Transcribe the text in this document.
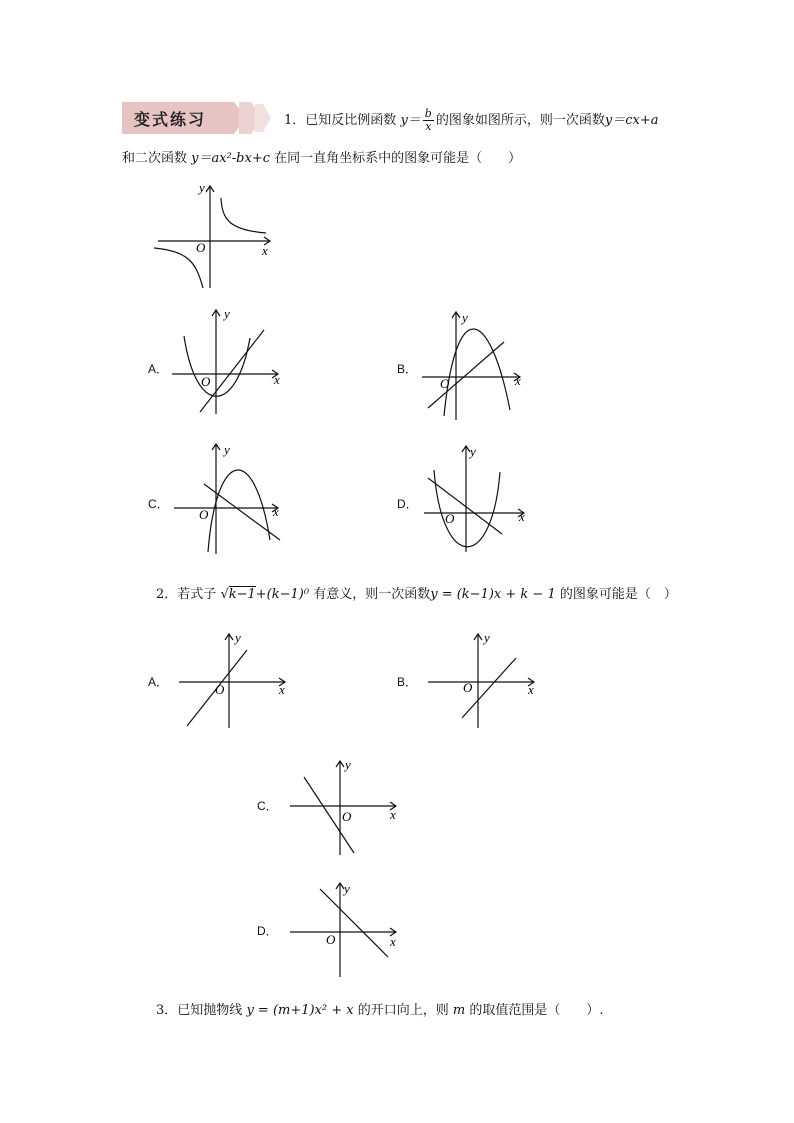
变式练习	1．已知反比例函数 $y= \frac{b}{x}$ 的图象如图所示，则一次函数y＝cx+a
和二次函数 y＝ax²-bx+c 在同一直角坐标系中的图象可能是（　　）
y
O	x
A．
y
O	x
B．
y
O	x
C．
y
O	x	D．
y
O	x
2．若式子 √k−1+(k−1)⁰ 有意义，则一次函数y = (k−1)x + k − 1 的图象可能是（　）
A．
y
O	x	B．
y
O	x
C．
y
O	x
D．
y
O	x
3．已知抛物线 y = (m+1)x² + x 的开口向上，则 m 的取值范围是（　　）.
